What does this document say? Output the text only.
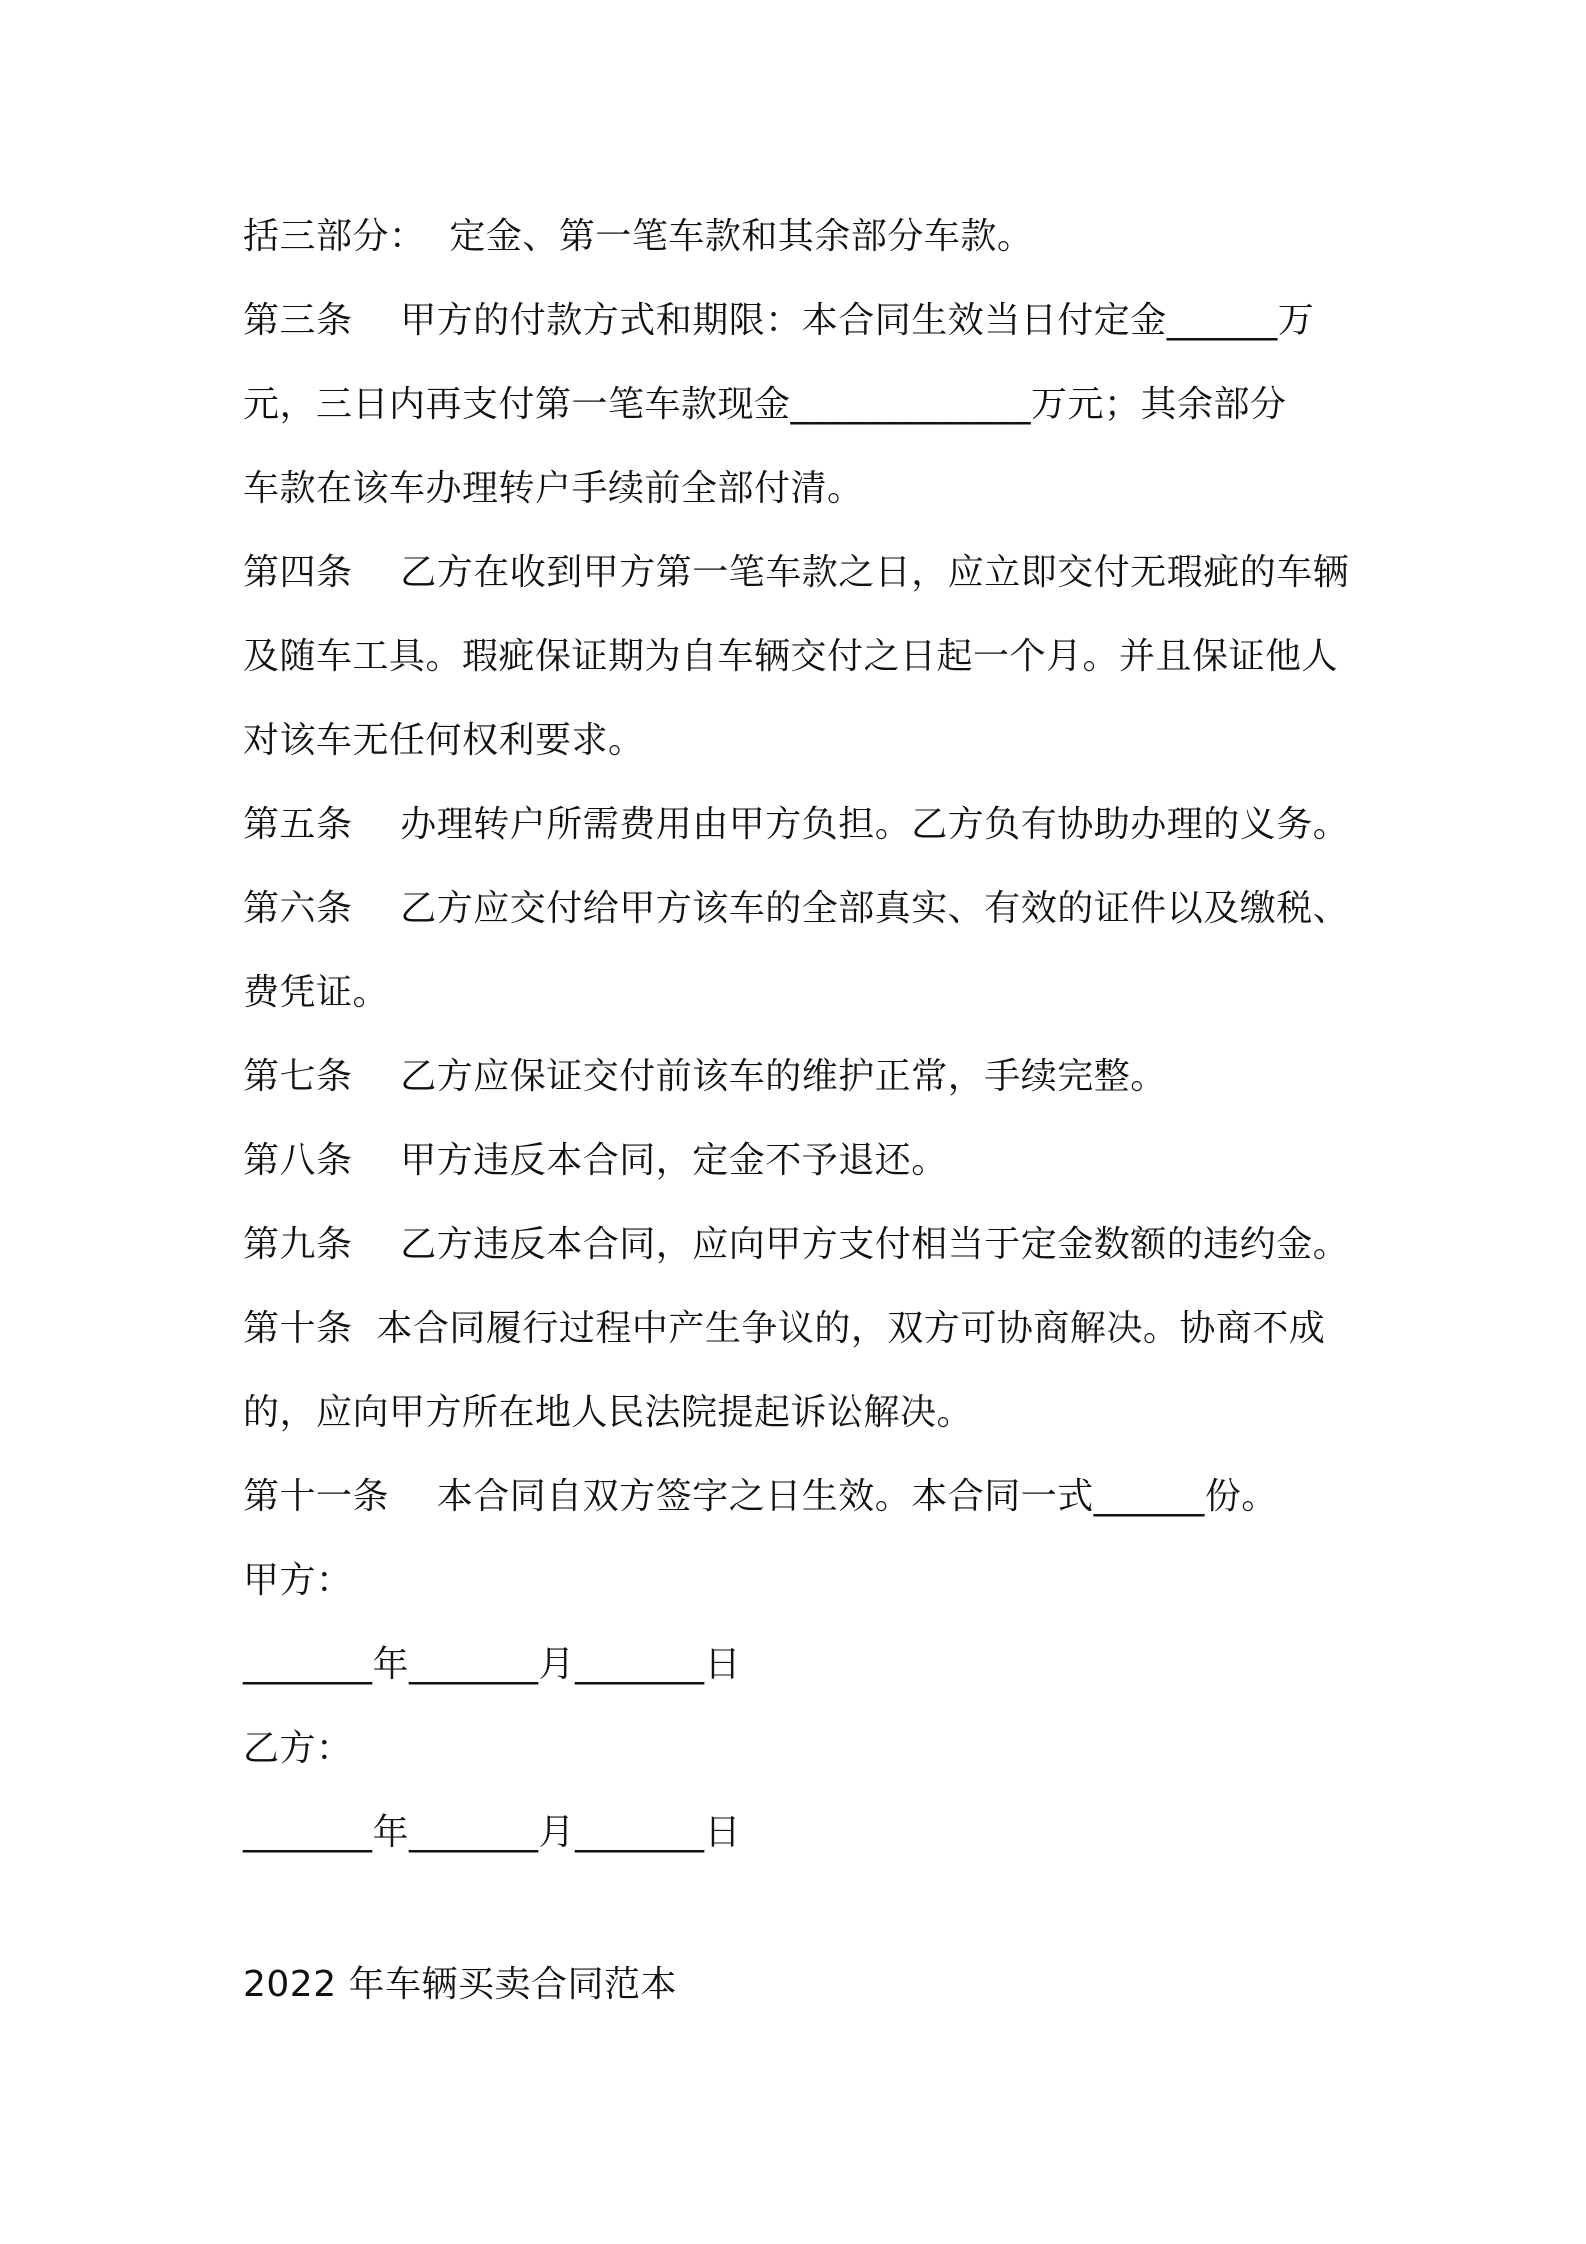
括三部分：  定金、第一笔车款和其余部分车款。
第三条    甲方的付款方式和期限：本合同生效当日付定金______万
元，三日内再支付第一笔车款现金_____________万元；其余部分
车款在该车办理转户手续前全部付清。
第四条    乙方在收到甲方第一笔车款之日，应立即交付无瑕疵的车辆
及随车工具。瑕疵保证期为自车辆交付之日起一个月。并且保证他人
对该车无任何权利要求。
第五条    办理转户所需费用由甲方负担。乙方负有协助办理的义务。
第六条    乙方应交付给甲方该车的全部真实、有效的证件以及缴税、
费凭证。
第七条    乙方应保证交付前该车的维护正常，手续完整。
第八条    甲方违反本合同，定金不予退还。
第九条    乙方违反本合同，应向甲方支付相当于定金数额的违约金。
第十条  本合同履行过程中产生争议的，双方可协商解决。协商不成
的，应向甲方所在地人民法院提起诉讼解决。
第十一条    本合同自双方签字之日生效。本合同一式______份。
甲方：
_______年_______月_______日
乙方：
_______年_______月_______日
2022 年车辆买卖合同范本
